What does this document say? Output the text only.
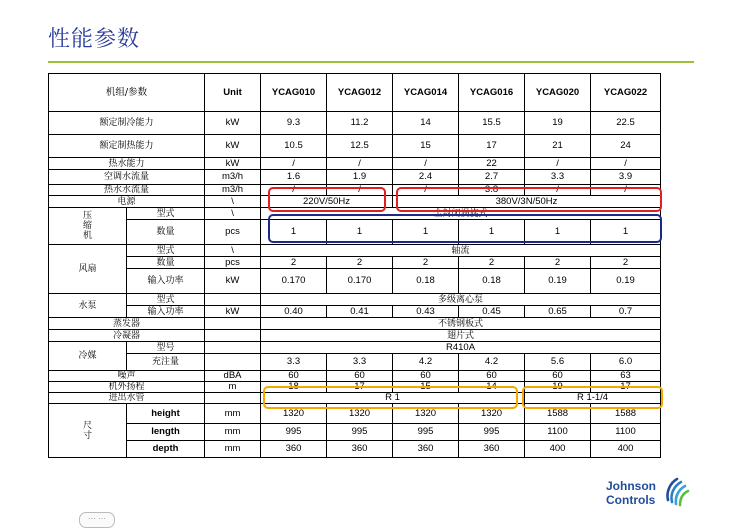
性能参数
机组/参数		Unit	YCAG010	YCAG012	YCAG014	YCAG016	YCAG020	YCAG022
额定制冷能力		kW	9.3	11.2	14	15.5	19	22.5
额定制热能力		kW	10.5	12.5	15	17	21	24
热水能力		kW	/	/	/	22	/	/
空调水流量		m3/h	1.6	1.9	2.4	2.7	3.3	3.9
热水水流量		m3/h	/	/	/	3.8	/	/
电源		\	220V/50Hz		380V/3N/50Hz			
压缩机	型式	\	全封闭涡旋式					
	数量	pcs	1	1	1	1	1	1
风扇	型式	\	轴流					
	数量	pcs	2	2	2	2	2	2
	输入功率	kW	0.170	0.170	0.18	0.18	0.19	0.19
水泵	型式		多级离心泵					
	输入功率	kW	0.40	0.41	0.43	0.45	0.65	0.7
蒸发器			不锈钢板式					
冷凝器			翅片式					
冷媒	型号		R410A					
	充注量		3.3	3.3	4.2	4.2	5.6	6.0
噪声		dBA	60	60	60	60	60	63
机外扬程		m	18	17	15	14	19	17
进出水管			R 1				R 1-1/4	
尺寸	height	mm	1320	1320	1320	1320	1588	1588
	length	mm	995	995	995	995	1100	1100
	depth	mm	360	360	360	360	400	400
Johnson
Controls
··· ···
